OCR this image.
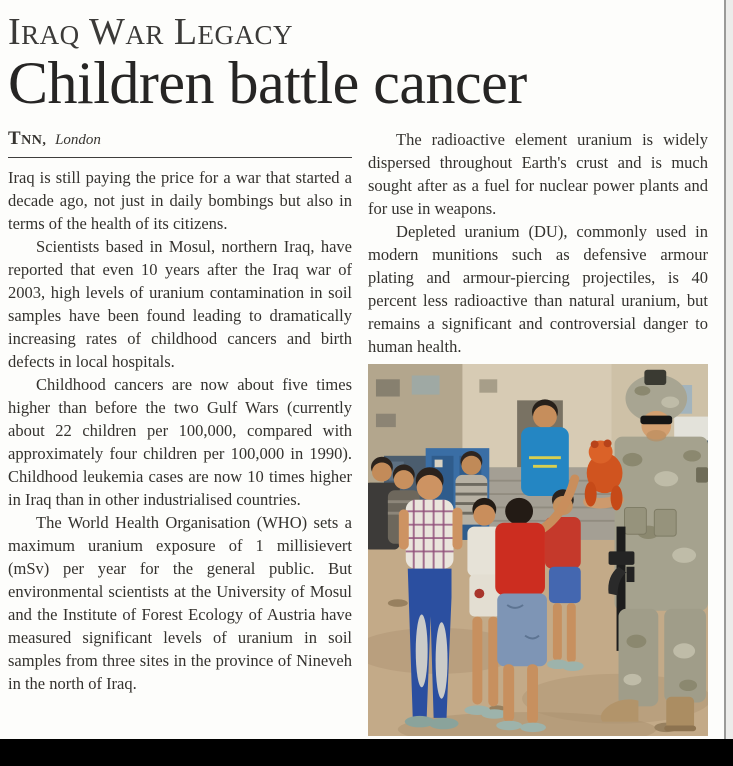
Iraq War Legacy
Children battle cancer
TNN, London

Iraq is still paying the price for a war that started a decade ago, not just in daily bombings but also in terms of the health of its citizens.

Scientists based in Mosul, northern Iraq, have reported that even 10 years after the Iraq war of 2003, high levels of uranium contamination in soil samples have been found leading to dramatically increasing rates of childhood cancers and birth defects in local hospitals.

Childhood cancers are now about five times higher than before the two Gulf Wars (currently about 22 children per 100,000, compared with approximately four children per 100,000 in 1990). Childhood leukemia cases are now 10 times higher in Iraq than in other industrialised countries.

The World Health Organisation (WHO) sets a maximum uranium exposure of 1 millisievert (mSv) per year for the general public. But environmental scientists at the University of Mosul and the Institute of Forest Ecology of Austria have measured significant levels of uranium in soil samples from three sites in the province of Nineveh in the north of Iraq.

The radioactive element uranium is widely dispersed throughout Earth's crust and is much sought after as a fuel for nuclear power plants and for use in weapons.

Depleted uranium (DU), commonly used in modern munitions such as defensive armour plating and armour-piercing projectiles, is 40 percent less radioactive than natural uranium, but remains a significant and controversial danger to human health.
